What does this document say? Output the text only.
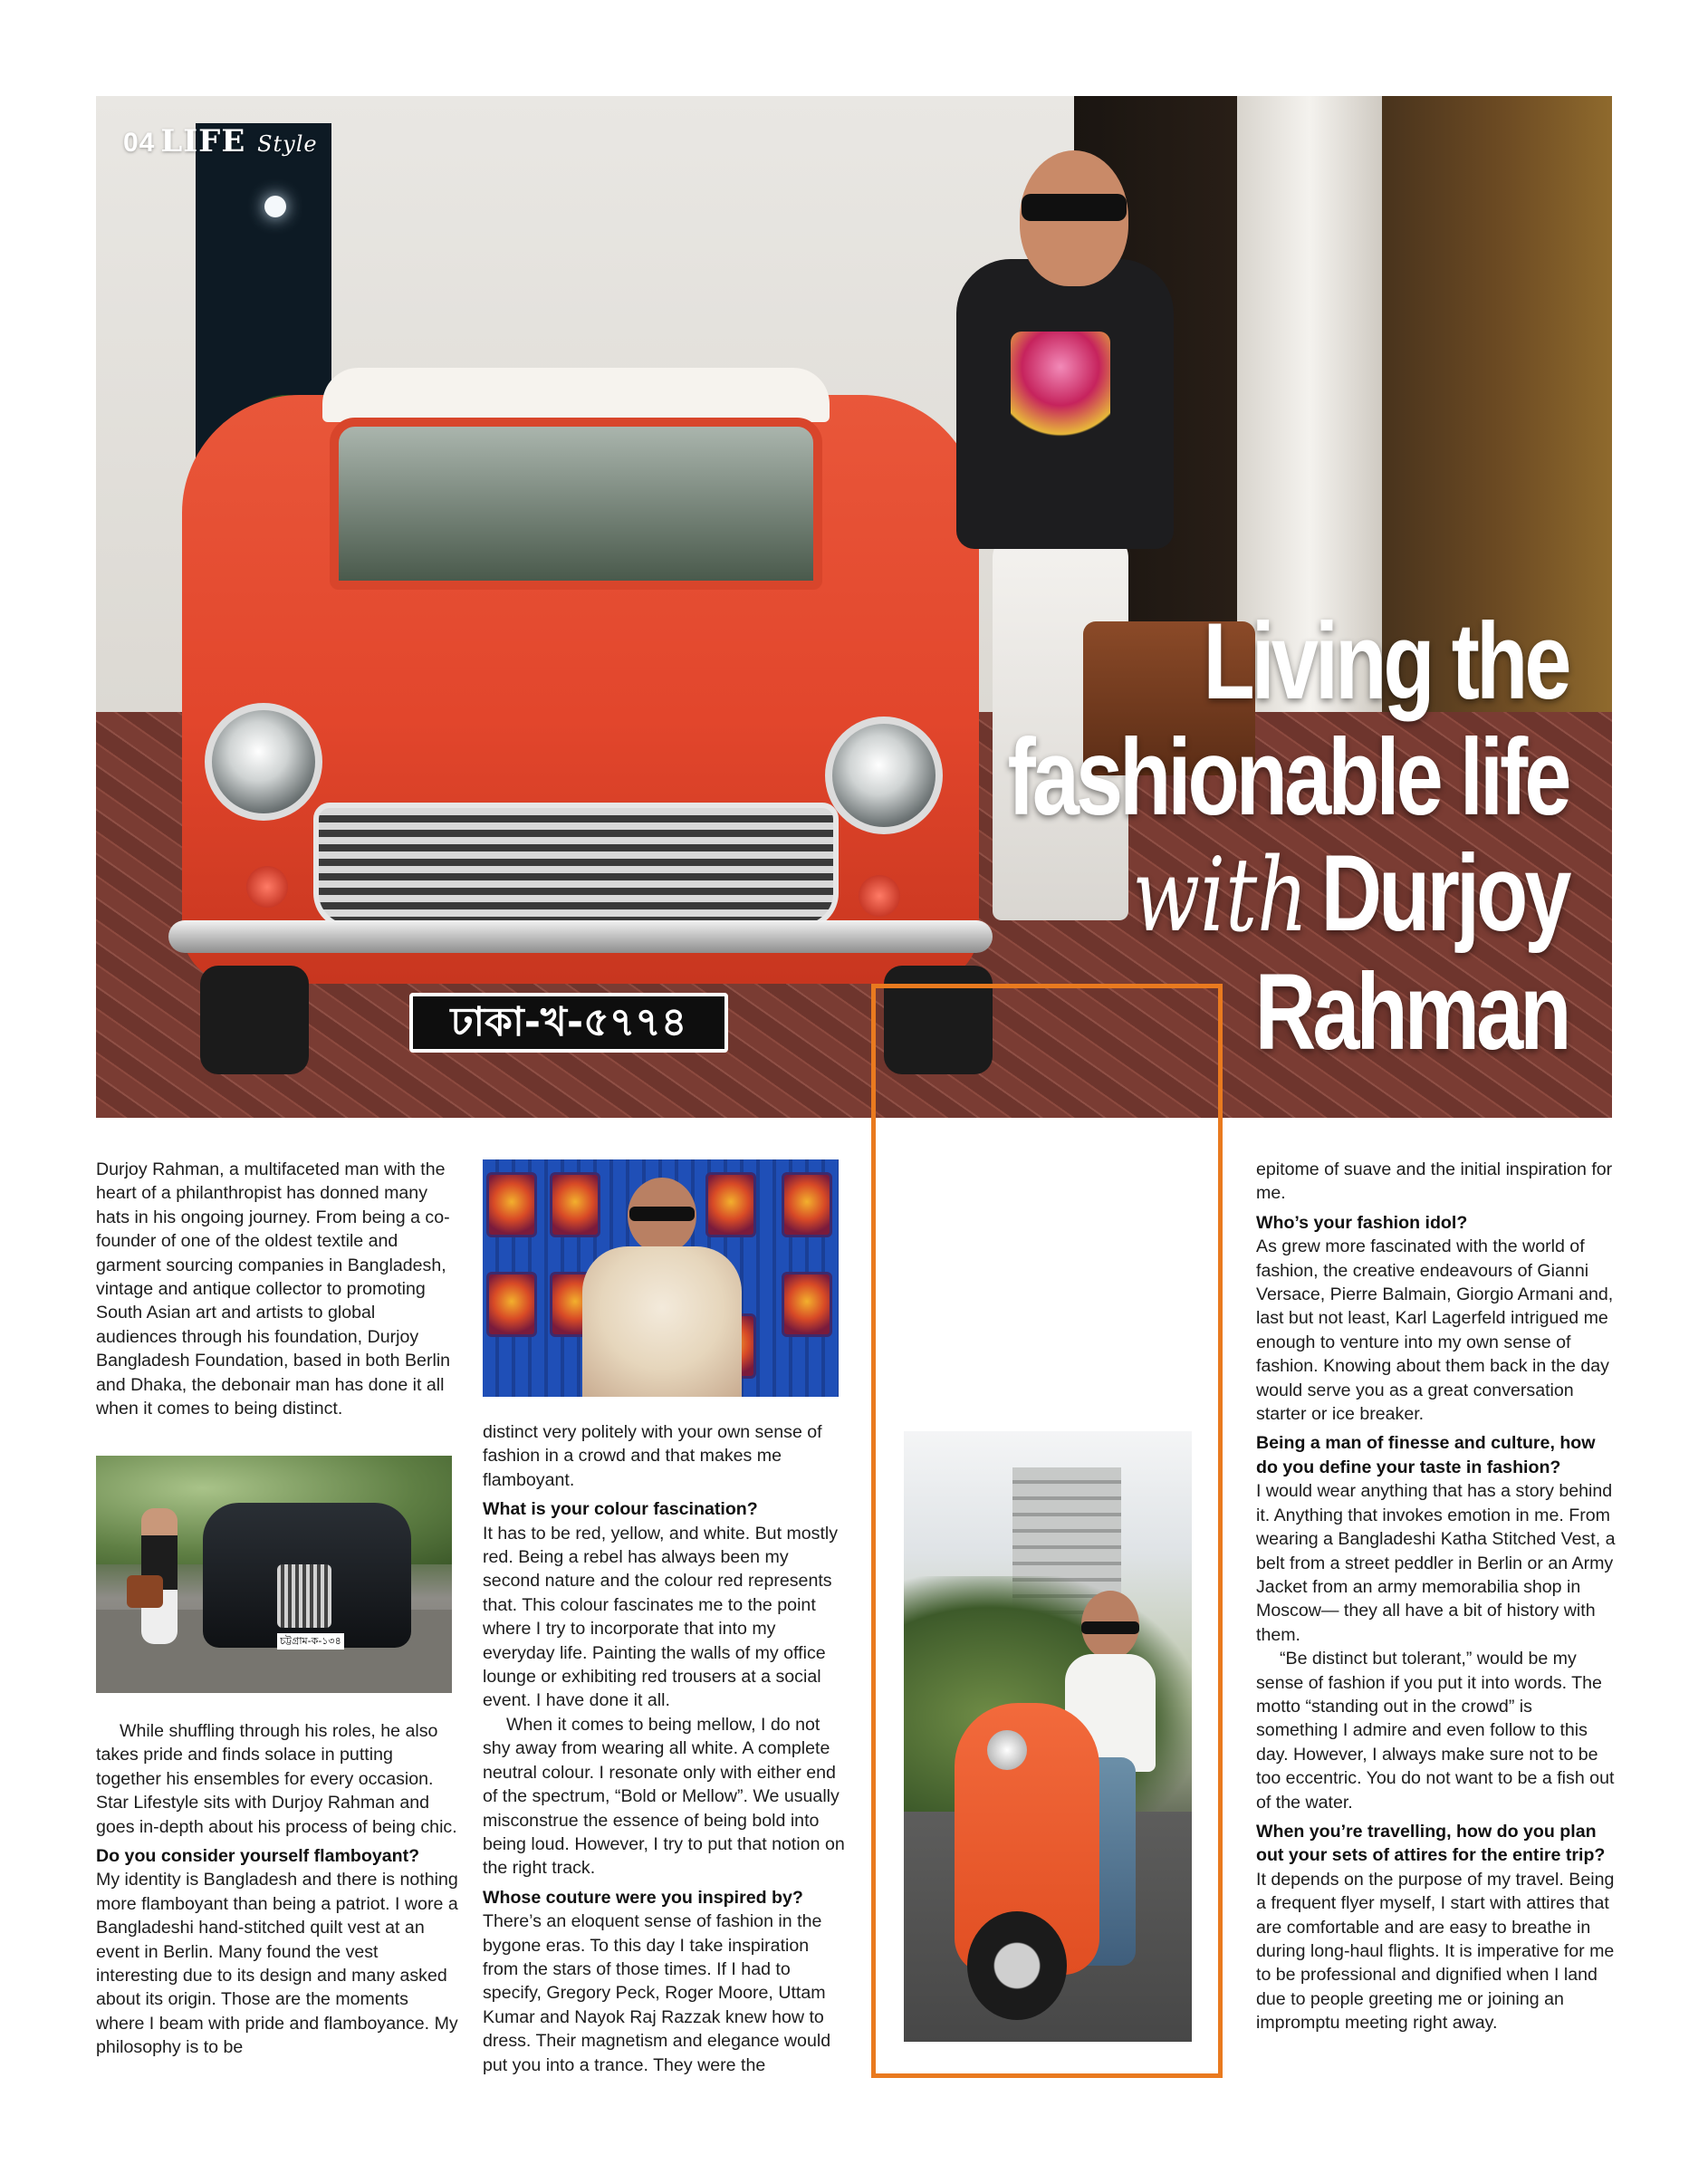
ঢাকা-খ-৫৭৭৪
04 LIFE Style
Living the
fashionable life
with Durjoy
Rahman

Durjoy Rahman, a multifaceted man with the heart of a philanthropist has donned many hats in his ongoing journey. From being a co-founder of one of the oldest textile and garment sourcing companies in Bangladesh, vintage and antique collector to promoting South Asian art and artists to global audiences through his foundation, Durjoy Bangladesh Foundation, based in both Berlin and Dhaka, the debonair man has done it all when it comes to being distinct.

চট্টগ্রাম-ক-১৩৪

While shuffling through his roles, he also takes pride and finds solace in putting together his ensembles for every occasion. Star Lifestyle sits with Durjoy Rahman and goes in-depth about his process of being chic.

Do you consider yourself flamboyant?

My identity is Bangladesh and there is nothing more flamboyant than being a patriot. I wore a Bangladeshi hand-stitched quilt vest at an event in Berlin. Many found the vest interesting due to its design and many asked about its origin. Those are the moments where I beam with pride and flamboyance. My philosophy is to be

distinct very politely with your own sense of fashion in a crowd and that makes me flamboyant.

What is your colour fascination?

It has to be red, yellow, and white. But mostly red. Being a rebel has always been my second nature and the colour red represents that. This colour fascinates me to the point where I try to incorporate that into my everyday life. Painting the walls of my office lounge or exhibiting red trousers at a social event. I have done it all.

When it comes to being mellow, I do not shy away from wearing all white. A complete neutral colour. I resonate only with either end of the spectrum, “Bold or Mellow”. We usually misconstrue the essence of being bold into being loud. However, I try to put that notion on the right track.

Whose couture were you inspired by?

There’s an eloquent sense of fashion in the bygone eras. To this day I take inspiration from the stars of those times. If I had to specify, Gregory Peck, Roger Moore, Uttam Kumar and Nayok Raj Razzak knew how to dress. Their magnetism and elegance would put you into a trance. They were the

epitome of suave and the initial inspiration for me.

Who’s your fashion idol?

As grew more fascinated with the world of fashion, the creative endeavours of Gianni Versace, Pierre Balmain, Giorgio Armani and, last but not least, Karl Lagerfeld intrigued me enough to venture into my own sense of fashion. Knowing about them back in the day would serve you as a great conversation starter or ice breaker.

Being a man of finesse and culture, how do you define your taste in fashion?

I would wear anything that has a story behind it. Anything that invokes emotion in me. From wearing a Bangladeshi Katha Stitched Vest, a belt from a street peddler in Berlin or an Army Jacket from an army memorabilia shop in Moscow— they all have a bit of history with them.

“Be distinct but tolerant,” would be my sense of fashion if you put it into words. The motto “standing out in the crowd” is something I admire and even follow to this day. However, I always make sure not to be too eccentric. You do not want to be a fish out of the water.

When you’re travelling, how do you plan out your sets of attires for the entire trip?

It depends on the purpose of my travel. Being a frequent flyer myself, I start with attires that are comfortable and are easy to breathe in during long-haul flights. It is imperative for me to be professional and dignified when I land due to people greeting me or joining an impromptu meeting right away.
